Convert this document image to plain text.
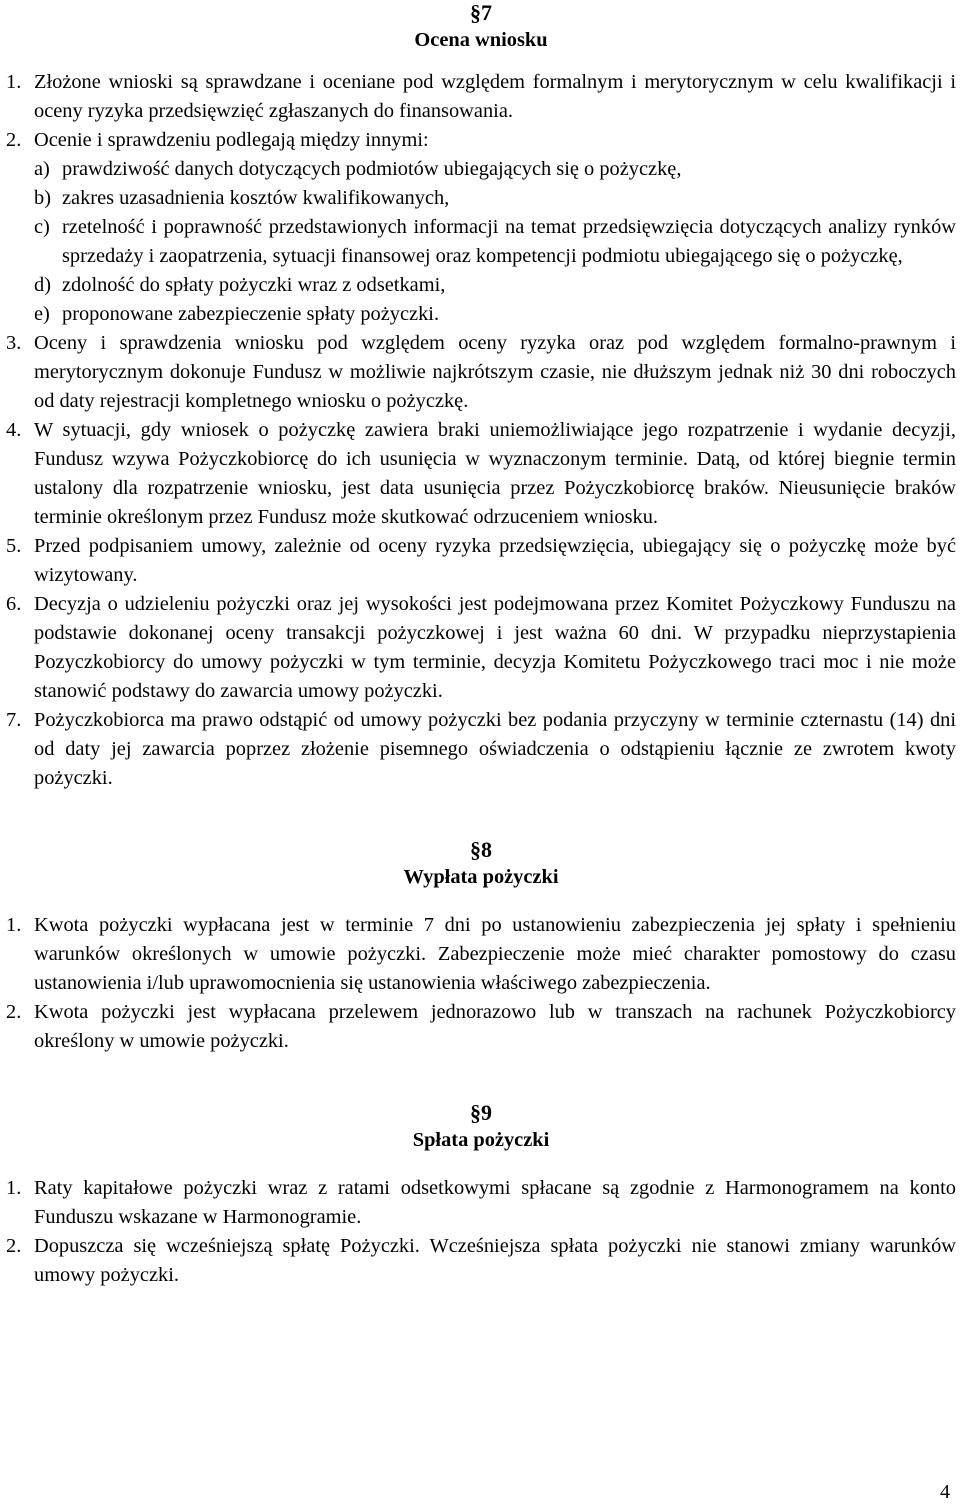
§7
Ocena wniosku
1. Złożone wnioski są sprawdzane i oceniane pod względem formalnym i merytorycznym w celu kwalifikacji i oceny ryzyka przedsięwzięć zgłaszanych do finansowania.
2. Ocenie i sprawdzeniu podlegają między innymi:
a) prawdziwość danych dotyczących podmiotów ubiegających się o pożyczkę,
b) zakres uzasadnienia kosztów kwalifikowanych,
c) rzetelność i poprawność przedstawionych informacji na temat przedsięwzięcia dotyczących analizy rynków sprzedaży i zaopatrzenia, sytuacji finansowej oraz kompetencji podmiotu ubiegającego się o pożyczkę,
d) zdolność do spłaty pożyczki wraz z odsetkami,
e) proponowane zabezpieczenie spłaty pożyczki.
3. Oceny i sprawdzenia wniosku pod względem oceny ryzyka oraz pod względem formalno-prawnym i merytorycznym dokonuje Fundusz w możliwie najkrótszym czasie, nie dłuższym jednak niż 30 dni roboczych od daty rejestracji kompletnego wniosku o pożyczkę.
4. W sytuacji, gdy wniosek o pożyczkę zawiera braki uniemożliwiające jego rozpatrzenie i wydanie decyzji, Fundusz wzywa Pożyczkobiorcę do ich usunięcia w wyznaczonym terminie. Datą, od której biegnie termin ustalony dla rozpatrzenie wniosku, jest data usunięcia przez Pożyczkobiorcę braków. Nieusunięcie braków terminie określonym przez Fundusz może skutkować odrzuceniem wniosku.
5. Przed podpisaniem umowy, zależnie od oceny ryzyka przedsięwzięcia, ubiegający się o pożyczkę może być wizytowany.
6. Decyzja o udzieleniu pożyczki oraz jej wysokości jest podejmowana przez Komitet Pożyczkowy Funduszu na podstawie dokonanej oceny transakcji pożyczkowej i jest ważna 60 dni. W przypadku nieprzystapienia Pozyczkobiorcy do umowy pożyczki w tym terminie, decyzja Komitetu Pożyczkowego traci moc i nie może stanowić podstawy do zawarcia umowy pożyczki.
7. Pożyczkobiorca ma prawo odstąpić od umowy pożyczki bez podania przyczyny w terminie czternastu (14) dni od daty jej zawarcia poprzez złożenie pisemnego oświadczenia o odstąpieniu łącznie ze zwrotem kwoty pożyczki.
§8
Wypłata pożyczki
1. Kwota pożyczki wypłacana jest w terminie 7 dni po ustanowieniu zabezpieczenia jej spłaty i spełnieniu warunków określonych w umowie pożyczki. Zabezpieczenie może mieć charakter pomostowy do czasu ustanowienia i/lub uprawomocnienia się ustanowienia właściwego zabezpieczenia.
2. Kwota pożyczki jest wypłacana przelewem jednorazowo lub w transzach na rachunek Pożyczkobiorcy określony w umowie pożyczki.
§9
Spłata pożyczki
1. Raty kapitałowe pożyczki wraz z ratami odsetkowymi spłacane są zgodnie z Harmonogramem na konto Funduszu wskazane w Harmonogramie.
2. Dopuszcza się wcześniejszą spłatę Pożyczki. Wcześniejsza spłata pożyczki nie stanowi zmiany warunków umowy pożyczki.
4
